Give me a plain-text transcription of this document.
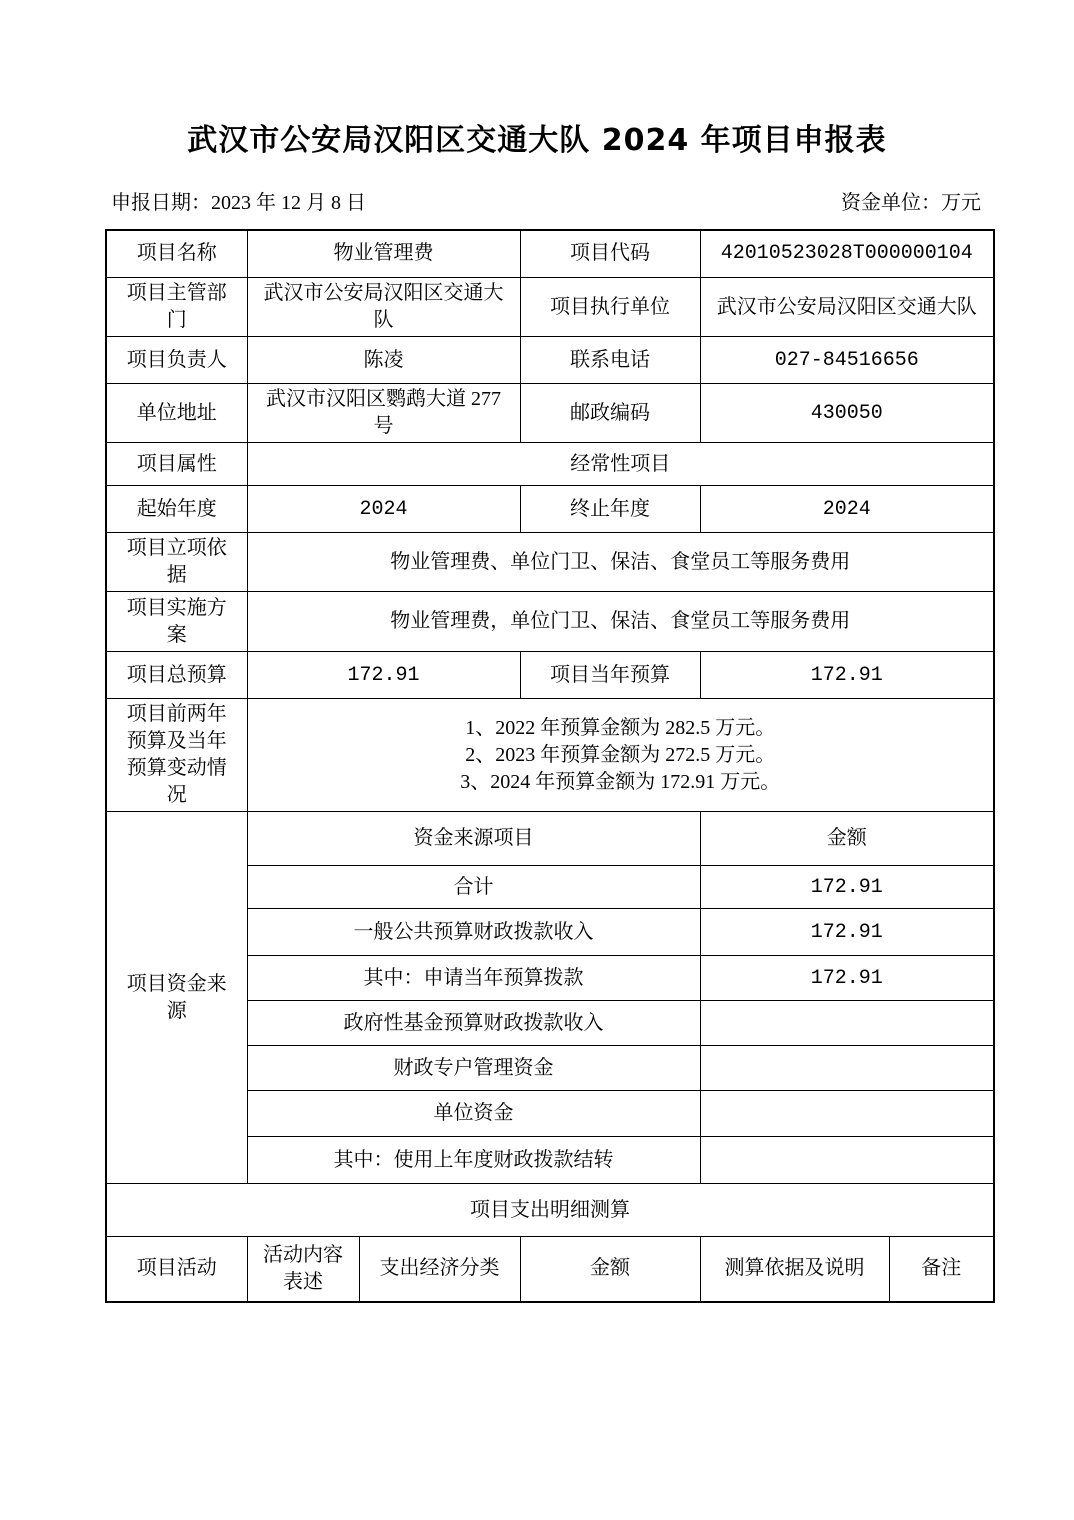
武汉市公安局汉阳区交通大队 2024 年项目申报表
申报日期：2023 年 12 月 8 日	资金单位：万元
项目名称	物业管理费		项目代码	42010523028T000000104	
项目主管部门	武汉市公安局汉阳区交通大队		项目执行单位	武汉市公安局汉阳区交通大队	
项目负责人	陈凌		联系电话	027-84516656	
单位地址	武汉市汉阳区鹦鹉大道 277 号		邮政编码	430050	
项目属性	经常性项目				
起始年度	2024		终止年度	2024	
项目立项依据	物业管理费、单位门卫、保洁、食堂员工等服务费用				
项目实施方案	物业管理费，单位门卫、保洁、食堂员工等服务费用				
项目总预算	172.91		项目当年预算	172.91	
项目前两年预算及当年预算变动情况	1、2022 年预算金额为 282.5 万元。
2、2023 年预算金额为 272.5 万元。
3、2024 年预算金额为 172.91 万元。				

项目资金来源	资金来源项目			金额	
	合计			172.91	
	一般公共预算财政拨款收入			172.91	
	其中：申请当年预算拨款			172.91	
	政府性基金预算财政拨款收入				
	财政专户管理资金				
	单位资金				
	其中：使用上年度财政拨款结转				
项目支出明细测算					
项目活动	活动内容表述	支出经济分类	金额	测算依据及说明	备注
